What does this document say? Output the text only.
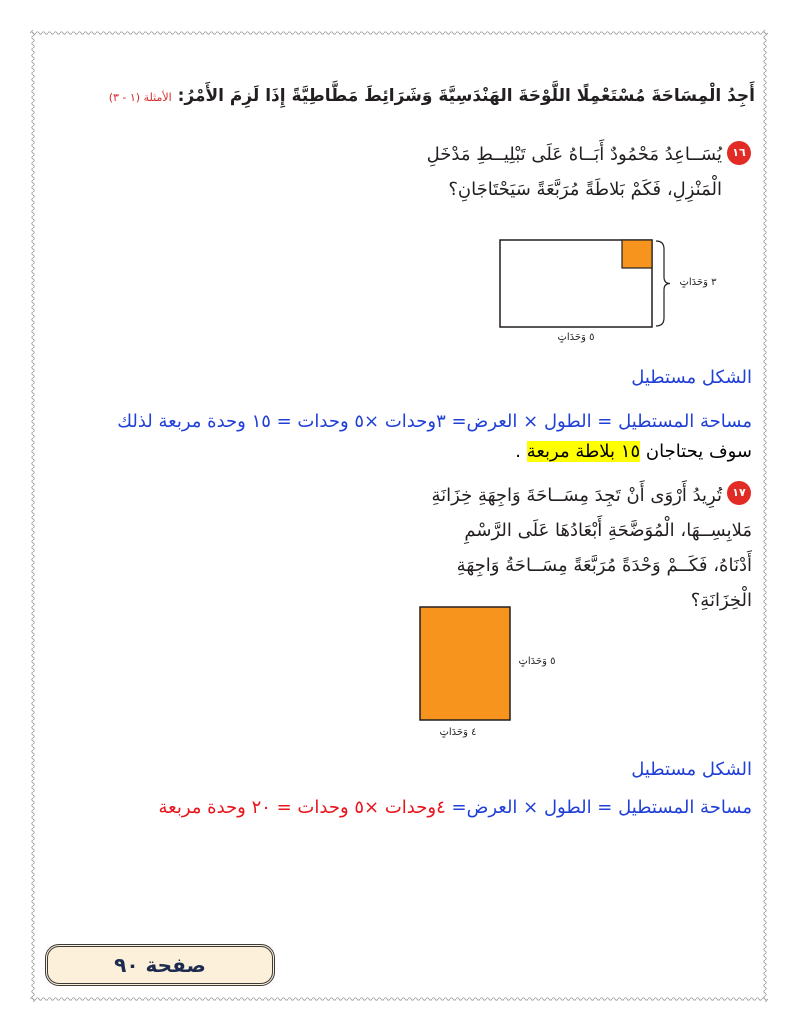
أَجِدُ الْمِسَاحَةَ مُسْتَعْمِلًا اللَّوْحَةَ الهَنْدَسِيَّةَ وَشَرَائِطَ مَطَّاطِيَّةً إِذَا لَزِمَ الأَمْرُ: الأمثلة (١ - ٣)
١٦
يُسَــاعِدُ مَحْمُودٌ أَبَــاهُ عَلَى تَبْلِيــطِ مَدْخَلِ
الْمَنْزِلِ، فَكَمْ بَلاطَةً مُرَبَّعَةً سَيَحْتَاجَانِ؟
٣ وَحَدَاتٍ
٥ وَحَدَاتٍ
الشكل مستطيل
مساحة المستطيل = الطول × العرض= ٣وحدات ×٥ وحدات = ١٥ وحدة مربعة لذلك
سوف يحتاجان ١٥ بلاطة مربعة .
١٧
تُرِيدُ أَرْوَى أَنْ تَجِدَ مِسَــاحَةَ وَاجِهَةِ خِزَانَةِ
مَلابِسِــهَا، الْمُوَضَّحَةِ أَبْعَادُهَا عَلَى الرَّسْمِ
أَدْنَاهُ، فَكَــمْ وَحْدَةً مُرَبَّعَةً مِسَــاحَةُ وَاجِهَةِ
الْخِزَانَةِ؟
٥ وَحَدَاتٍ
٤ وَحَدَاتٍ
الشكل مستطيل
مساحة المستطيل = الطول × العرض= ٤وحدات ×٥ وحدات = ٢٠ وحدة مربعة
صفحة ٩٠
